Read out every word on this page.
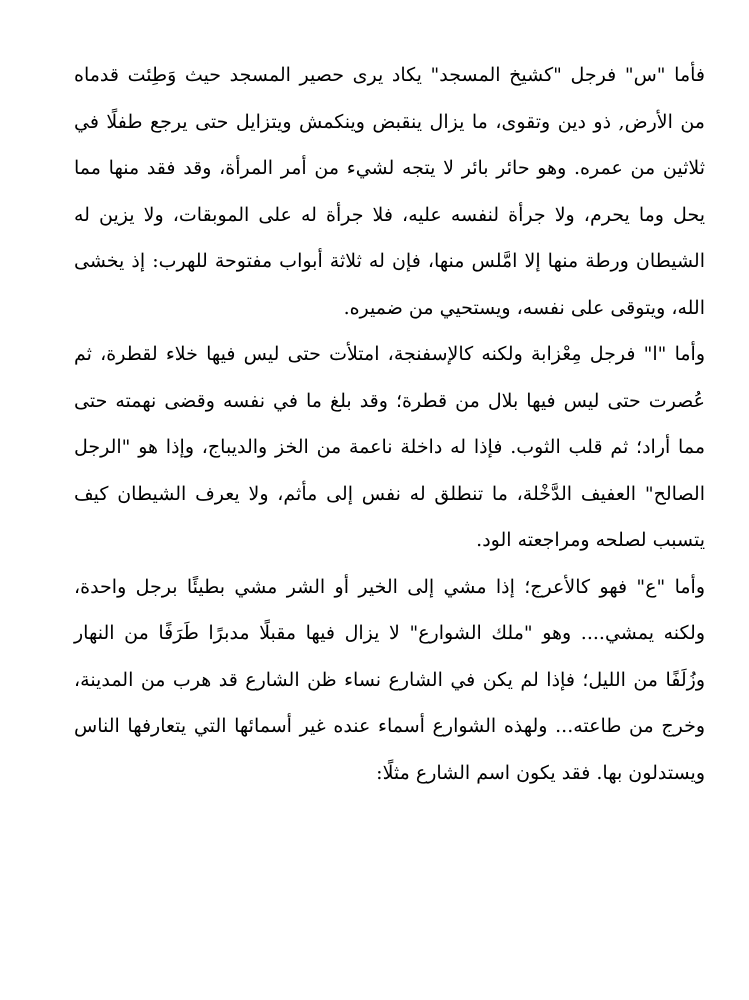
فأما "س" فرجل "كشيخ المسجد" يكاد يرى حصير المسجد حيث وَطِئت قدماه من الأرض, ذو دين وتقوى، ما يزال ينقبض وينكمش ويتزايل حتى يرجع طفلًا في ثلاثين من عمره. وهو حائر بائر لا يتجه لشيء من أمر المرأة، وقد فقد منها مما يحل وما يحرم، ولا جرأة لنفسه عليه، فلا جرأة له على الموبقات، ولا يزين له الشيطان ورطة منها إلا امَّلس منها، فإن له ثلاثة أبواب مفتوحة للهرب: إذ يخشى الله، ويتوقى على نفسه، ويستحيي من ضميره.

وأما "ا" فرجل مِعْزابة ولكنه كالإسفنجة، امتلأت حتى ليس فيها خلاء لقطرة، ثم عُصرت حتى ليس فيها بلال من قطرة؛ وقد بلغ ما في نفسه وقضى نهمته حتى مما أراد؛ ثم قلب الثوب. فإذا له داخلة ناعمة من الخز والديباج، وإذا هو "الرجل الصالح" العفيف الدَّخْلة، ما تنطلق له نفس إلى مأثم، ولا يعرف الشيطان كيف يتسبب لصلحه ومراجعته الود.

وأما "ع" فهو كالأعرج؛ إذا مشي إلى الخير أو الشر مشي بطيئًا برجل واحدة، ولكنه يمشي.... وهو "ملك الشوارع" لا يزال فيها مقبلًا مدبرًا طَرَفًا من النهار وزُلَفًا من الليل؛ فإذا لم يكن في الشارع نساء ظن الشارع قد هرب من المدينة، وخرج من طاعته... ولهذه الشوارع أسماء عنده غير أسمائها التي يتعارفها الناس ويستدلون بها. فقد يكون اسم الشارع مثلًا:
